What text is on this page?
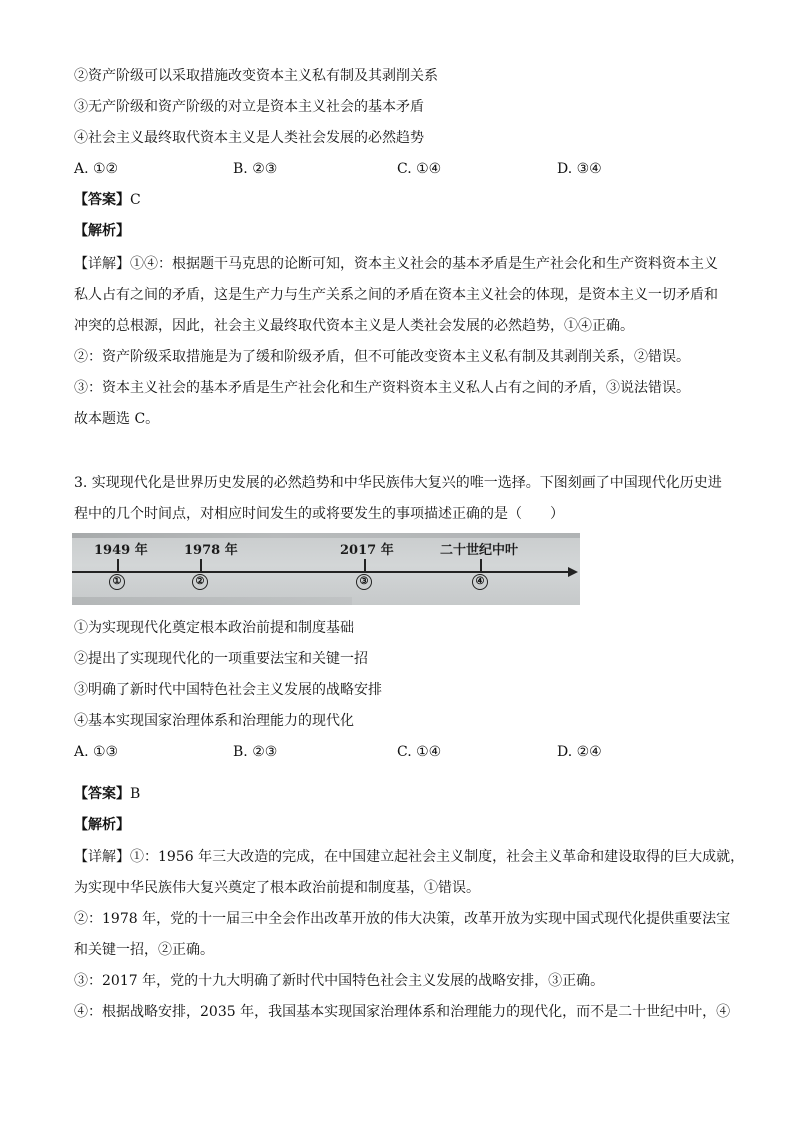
②资产阶级可以采取措施改变资本主义私有制及其剥削关系
③无产阶级和资产阶级的对立是资本主义社会的基本矛盾
④社会主义最终取代资本主义是人类社会发展的必然趋势
A. ①②	B. ②③	C. ①④	D. ③④
【答案】C
【解析】
【详解】①④：根据题干马克思的论断可知，资本主义社会的基本矛盾是生产社会化和生产资料资本主义
私人占有之间的矛盾，这是生产力与生产关系之间的矛盾在资本主义社会的体现，是资本主义一切矛盾和
冲突的总根源，因此，社会主义最终取代资本主义是人类社会发展的必然趋势，①④正确。
②：资产阶级采取措施是为了缓和阶级矛盾，但不可能改变资本主义私有制及其剥削关系，②错误。
③：资本主义社会的基本矛盾是生产社会化和生产资料资本主义私人占有之间的矛盾，③说法错误。
故本题选 C。
3. 实现现代化是世界历史发展的必然趋势和中华民族伟大复兴的唯一选择。下图刻画了中国现代化历史进
程中的几个时间点，对相应时间发生的或将要发生的事项描述正确的是（　　）
1949 年	1978 年	2017 年	二十世纪中叶
①	②	③	④
①为实现现代化奠定根本政治前提和制度基础
②提出了实现现代化的一项重要法宝和关键一招
③明确了新时代中国特色社会主义发展的战略安排
④基本实现国家治理体系和治理能力的现代化
A. ①③	B. ②③	C. ①④	D. ②④
【答案】B
【解析】
【详解】①：1956 年三大改造的完成，在中国建立起社会主义制度，社会主义革命和建设取得的巨大成就，
为实现中华民族伟大复兴奠定了根本政治前提和制度基，①错误。
②：1978 年，党的十一届三中全会作出改革开放的伟大决策，改革开放为实现中国式现代化提供重要法宝
和关键一招，②正确。
③：2017 年，党的十九大明确了新时代中国特色社会主义发展的战略安排，③正确。
④：根据战略安排，2035 年，我国基本实现国家治理体系和治理能力的现代化，而不是二十世纪中叶，④
